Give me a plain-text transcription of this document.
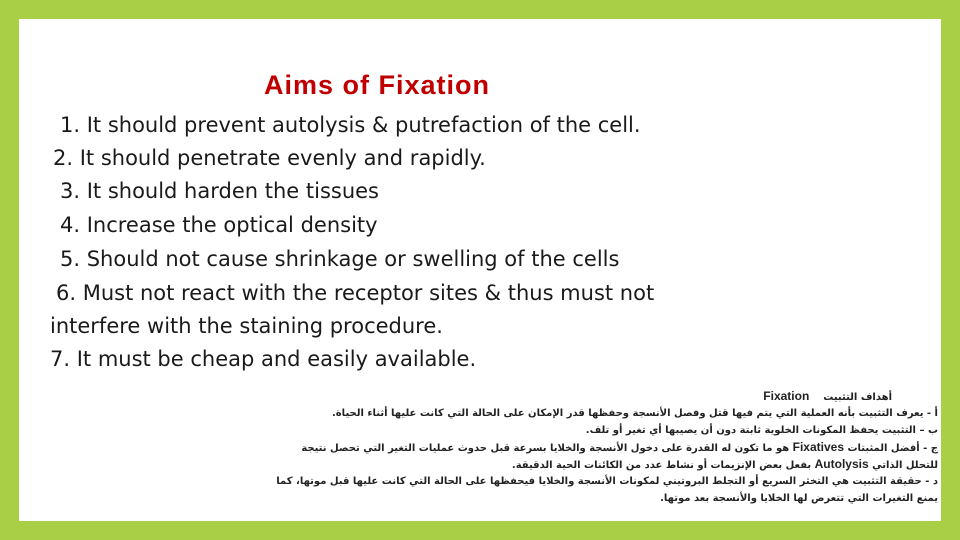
Aims of Fixation
1. It should prevent autolysis & putrefaction of the cell.
2. It should penetrate evenly and rapidly.
3. It should harden the tissues
4. Increase the optical density
5. Should not cause shrinkage or swelling of the cells
6. Must not react with the receptor sites & thus must not
interfere with the staining procedure.
7. It must be cheap and easily available.
أهداف التثبيت    Fixation
أ - يعرف التثبيت بأنه العملية التي يتم فيها قتل وفصل الأنسجة وحفظها قدر الإمكان على الحالة التي كانت عليها أثناء الحياة.
ب – التثبيت يحفظ المكونات الخلوية ثابتة دون أن يصيبها أي تغير أو تلف.
ج - أفضل المثبتات Fixatives هو ما تكون له القدرة على دخول الأنسجة والخلايا بسرعة قبل حدوث عمليات التغير التي تحصل نتيجة
للتحلل الذاتي Autolysis بفعل بعض الإنزيمات أو نشاط عدد من الكائنات الحية الدقيقة.
د - حقيقة التثبيت هي التخثر السريع أو التجلط البروتيني لمكونات الأنسجة والخلايا فيحفظها على الحالة التي كانت عليها قبل موتها، كما
يمنع التغيرات التي تتعرض لها الخلايا والأنسجة بعد موتها.
